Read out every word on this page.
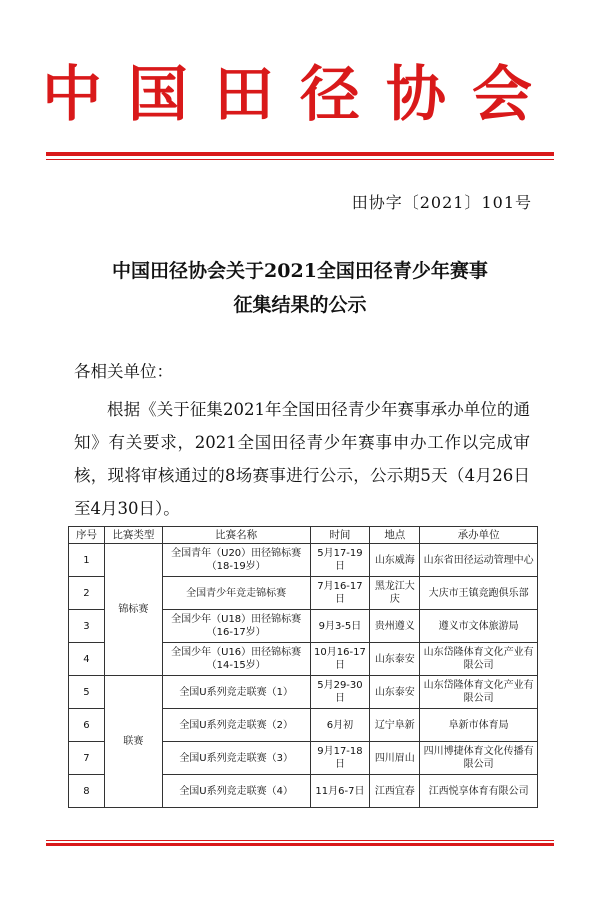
中国田径协会
田协字〔2021〕101号
中国田径协会关于2021全国田径青少年赛事
征集结果的公示
各相关单位：
根据《关于征集2021年全国田径青少年赛事承办单位的通知》有关要求，2021全国田径青少年赛事申办工作以完成审核，现将审核通过的8场赛事进行公示，公示期5天（4月26日至4月30日）。
序号	比赛类型	比赛名称	时间	地点	承办单位
1	锦标赛	全国青年（U20）田径锦标赛（18-19岁）	5月17-19日	山东威海	山东省田径运动管理中心
2		全国青少年竞走锦标赛	7月16-17日	黑龙江大庆	大庆市王镇竞跑俱乐部
3		全国少年（U18）田径锦标赛（16-17岁）	9月3-5日	贵州遵义	遵义市文体旅游局
4		全国少年（U16）田径锦标赛（14-15岁）	10月16-17日	山东泰安	山东岱隆体育文化产业有限公司
5	联赛	全国U系列竞走联赛（1）	5月29-30日	山东泰安	山东岱隆体育文化产业有限公司
6		全国U系列竞走联赛（2）	6月初	辽宁阜新	阜新市体育局
7		全国U系列竞走联赛（3）	9月17-18日	四川眉山	四川博捷体育文化传播有限公司
8		全国U系列竞走联赛（4）	11月6-7日	江西宜春	江西悦享体育有限公司
